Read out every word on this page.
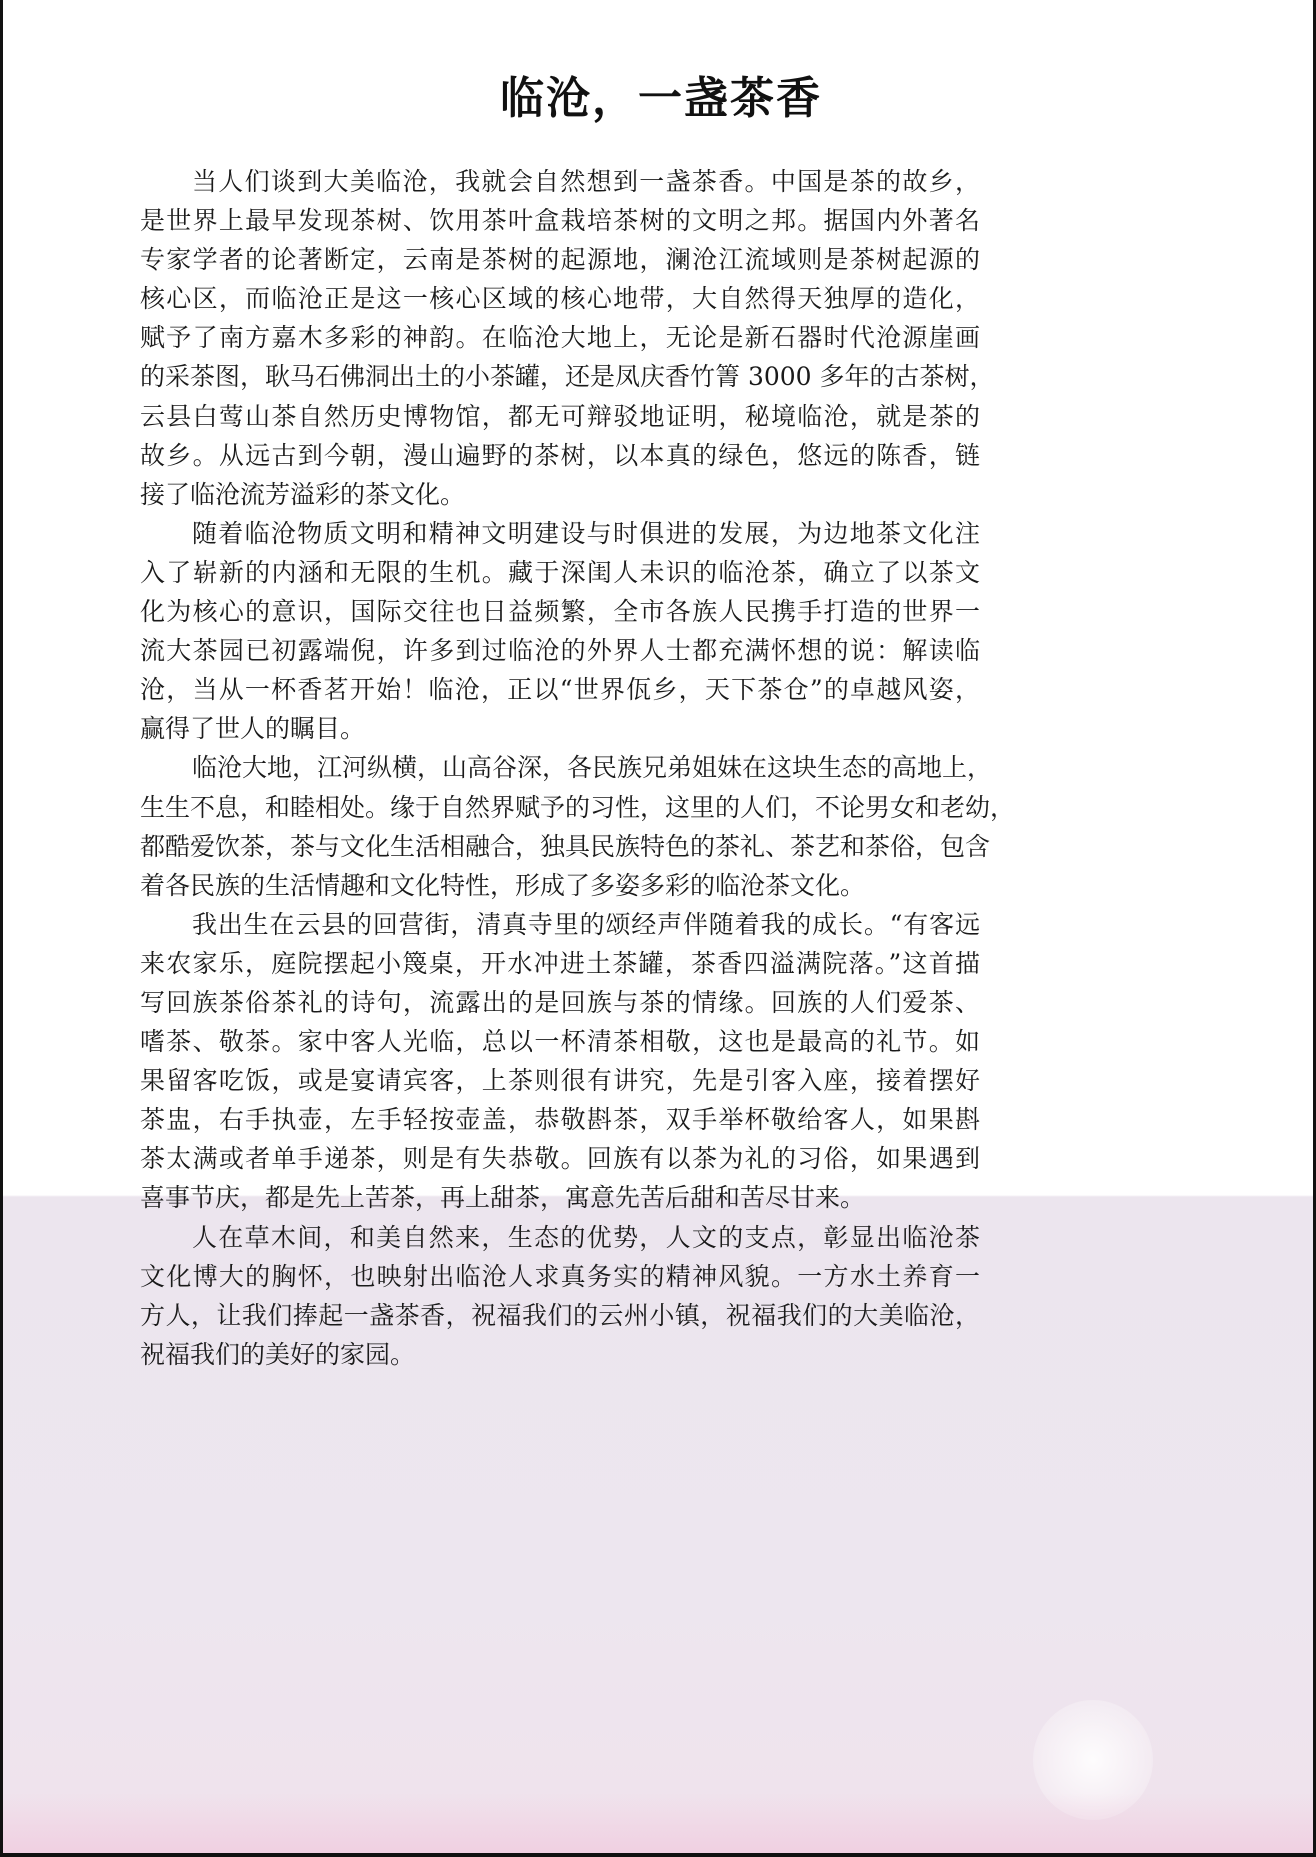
临沧，一盏茶香
当人们谈到大美临沧，我就会自然想到一盏茶香。中国是茶的故乡，
是世界上最早发现茶树、饮用茶叶盒栽培茶树的文明之邦。据国内外著名
专家学者的论著断定，云南是茶树的起源地，澜沧江流域则是茶树起源的
核心区，而临沧正是这一核心区域的核心地带，大自然得天独厚的造化，
赋予了南方嘉木多彩的神韵。在临沧大地上，无论是新石器时代沧源崖画
的采茶图，耿马石佛洞出土的小茶罐，还是凤庆香竹箐 3000 多年的古茶树，
云县白莺山茶自然历史博物馆，都无可辩驳地证明，秘境临沧，就是茶的
故乡。从远古到今朝，漫山遍野的茶树，以本真的绿色，悠远的陈香，链
接了临沧流芳溢彩的茶文化。
随着临沧物质文明和精神文明建设与时俱进的发展，为边地茶文化注
入了崭新的内涵和无限的生机。藏于深闺人未识的临沧茶，确立了以茶文
化为核心的意识，国际交往也日益频繁，全市各族人民携手打造的世界一
流大茶园已初露端倪，许多到过临沧的外界人士都充满怀想的说：解读临
沧，当从一杯香茗开始！临沧，正以“世界佤乡，天下茶仓”的卓越风姿，
赢得了世人的瞩目。
临沧大地，江河纵横，山高谷深，各民族兄弟姐妹在这块生态的高地上，
生生不息，和睦相处。缘于自然界赋予的习性，这里的人们，不论男女和老幼，
都酷爱饮茶，茶与文化生活相融合，独具民族特色的茶礼、茶艺和茶俗，包含
着各民族的生活情趣和文化特性，形成了多姿多彩的临沧茶文化。
我出生在云县的回营街，清真寺里的颂经声伴随着我的成长。“有客远
来农家乐，庭院摆起小篾桌，开水冲进土茶罐，茶香四溢满院落。”这首描
写回族茶俗茶礼的诗句，流露出的是回族与茶的情缘。回族的人们爱茶、
嗜茶、敬茶。家中客人光临，总以一杯清茶相敬，这也是最高的礼节。如
果留客吃饭，或是宴请宾客，上茶则很有讲究，先是引客入座，接着摆好
茶盅，右手执壶，左手轻按壶盖，恭敬斟茶，双手举杯敬给客人，如果斟
茶太满或者单手递茶，则是有失恭敬。回族有以茶为礼的习俗，如果遇到
喜事节庆，都是先上苦茶，再上甜茶，寓意先苦后甜和苦尽甘来。
人在草木间，和美自然来，生态的优势，人文的支点，彰显出临沧茶
文化博大的胸怀，也映射出临沧人求真务实的精神风貌。一方水土养育一
方人，让我们捧起一盏茶香，祝福我们的云州小镇，祝福我们的大美临沧，
祝福我们的美好的家园。
